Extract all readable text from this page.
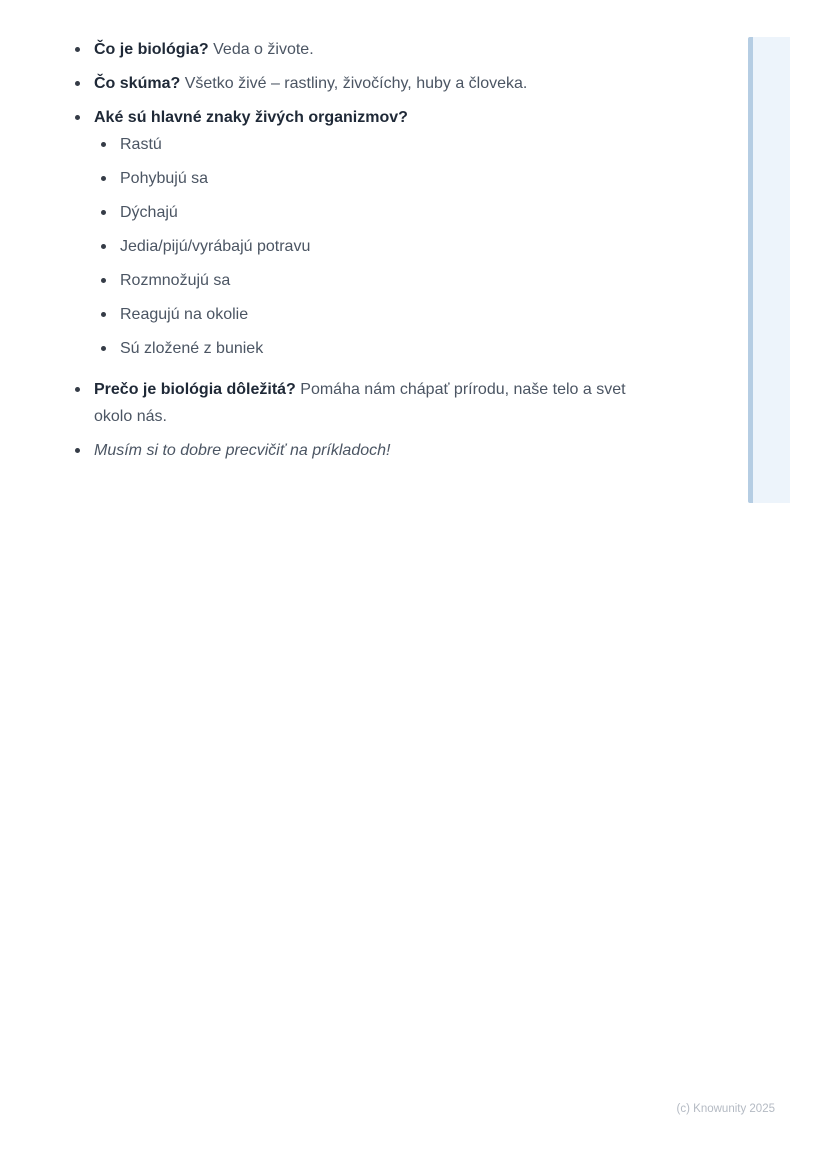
Čo je biológia? Veda o živote.
Čo skúma? Všetko živé – rastliny, živočíchy, huby a človeka.
Aké sú hlavné znaky živých organizmov?
Rastú
Pohybujú sa
Dýchajú
Jedia/pijú/vyrábajú potravu
Rozmnožujú sa
Reagujú na okolie
Sú zložené z buniek
Prečo je biológia dôležitá? Pomáha nám chápať prírodu, naše telo a svet okolo nás.
Musím si to dobre precvičiť na príkladoch!
(c) Knowunity 2025
